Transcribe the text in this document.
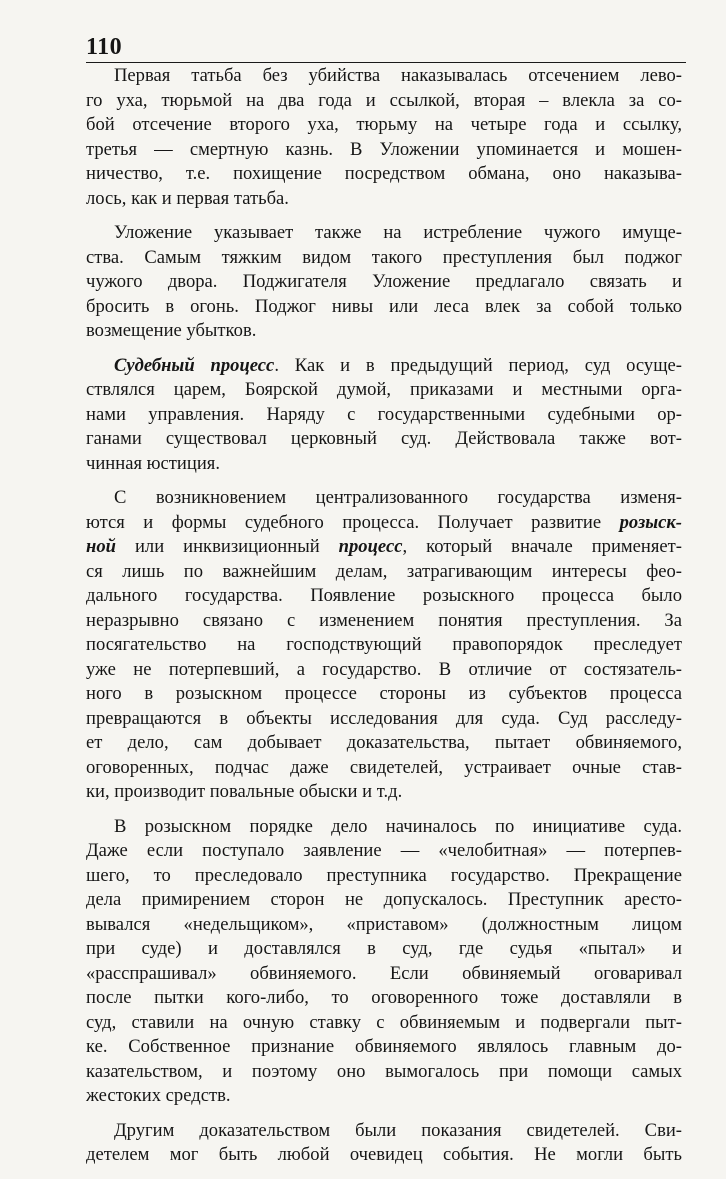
110
Первая татьба без убийства наказывалась отсечением лево-
го уха, тюрьмой на два года и ссылкой, вторая – влекла за со-
бой отсечение второго уха, тюрьму на четыре года и ссылку,
третья — смертную казнь. В Уложении упоминается и мошен-
ничество, т.е. похищение посредством обмана, оно наказыва-
лось, как и первая татьба.
Уложение указывает также на истребление чужого имуще-
ства. Самым тяжким видом такого преступления был поджог
чужого двора. Поджигателя Уложение предлагало связать и
бросить в огонь. Поджог нивы или леса влек за собой только
возмещение убытков.
Судебный процесс. Как и в предыдущий период, суд осуще-
ствлялся царем, Боярской думой, приказами и местными орга-
нами управления. Наряду с государственными судебными ор-
ганами существовал церковный суд. Действовала также вот-
чинная юстиция.
С возникновением централизованного государства изменя-
ются и формы судебного процесса. Получает развитие розыск-
ной или инквизиционный процесс, который вначале применяет-
ся лишь по важнейшим делам, затрагивающим интересы фео-
дального государства. Появление розыскного процесса было
неразрывно связано с изменением понятия преступления. За
посягательство на господствующий правопорядок преследует
уже не потерпевший, а государство. В отличие от состязатель-
ного в розыскном процессе стороны из субъектов процесса
превращаются в объекты исследования для суда. Суд расследу-
ет дело, сам добывает доказательства, пытает обвиняемого,
оговоренных, подчас даже свидетелей, устраивает очные став-
ки, производит повальные обыски и т.д.
В розыскном порядке дело начиналось по инициативе суда.
Даже если поступало заявление — «челобитная» — потерпев-
шего, то преследовало преступника государство. Прекращение
дела примирением сторон не допускалось. Преступник аресто-
вывался «недельщиком», «приставом» (должностным лицом
при суде) и доставлялся в суд, где судья «пытал» и
«расспрашивал» обвиняемого. Если обвиняемый оговаривал
после пытки кого-либо, то оговоренного тоже доставляли в
суд, ставили на очную ставку с обвиняемым и подвергали пыт-
ке. Собственное признание обвиняемого являлось главным до-
казательством, и поэтому оно вымогалось при помощи самых
жестоких средств.
Другим доказательством были показания свидетелей. Сви-
детелем мог быть любой очевидец события. Не могли быть
